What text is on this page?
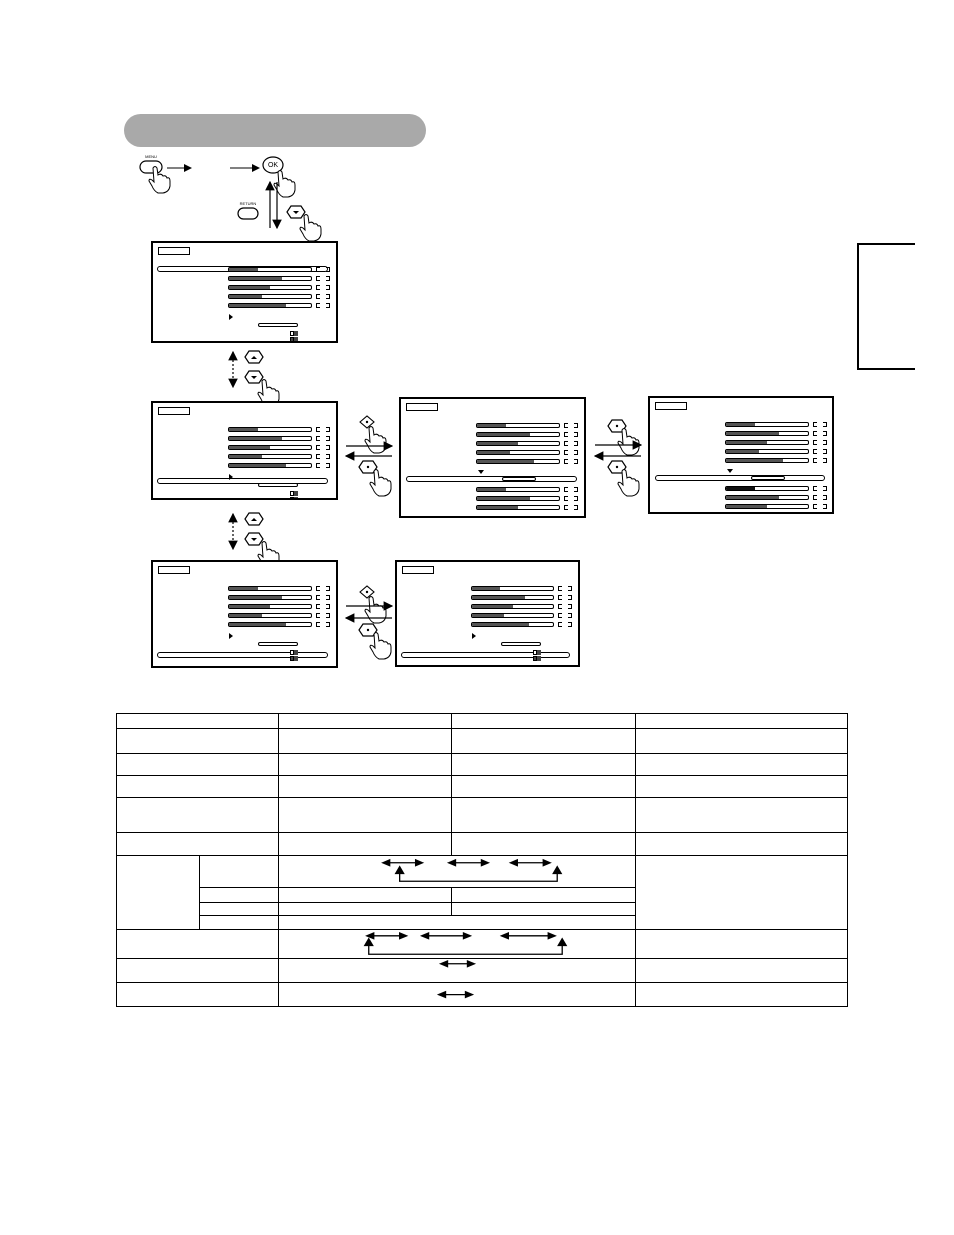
MENU
OK
RETURN
